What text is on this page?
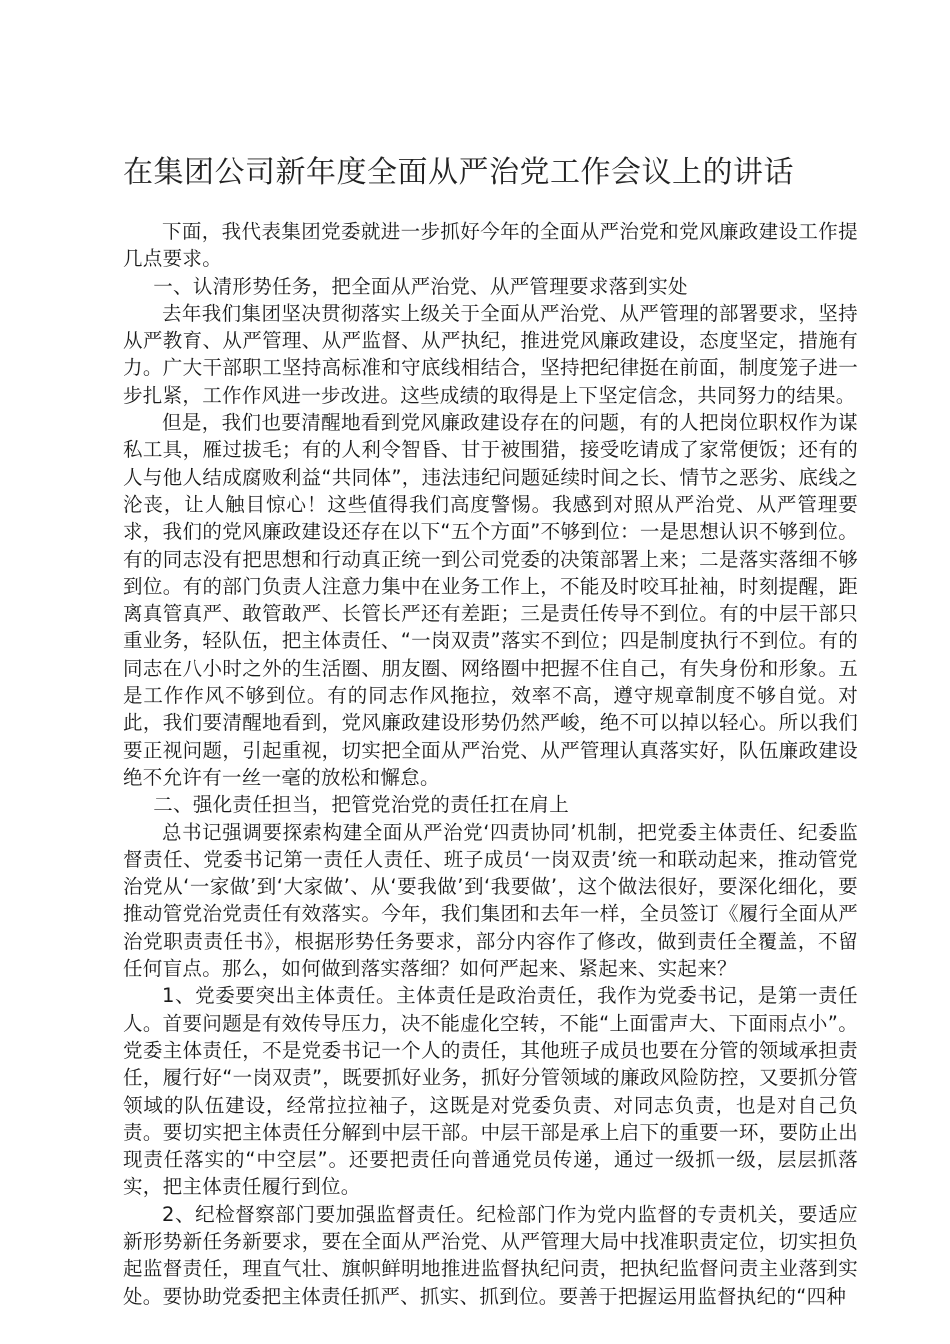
在集团公司新年度全面从严治党工作会议上的讲话

下面，我代表集团党委就进一步抓好今年的全面从严治党和党风廉政建设工作提几点要求。

一、认清形势任务，把全面从严治党、从严管理要求落到实处

去年我们集团坚决贯彻落实上级关于全面从严治党、从严管理的部署要求，坚持从严教育、从严管理、从严监督、从严执纪，推进党风廉政建设，态度坚定，措施有力。广大干部职工坚持高标准和守底线相结合，坚持把纪律挺在前面，制度笼子进一步扎紧，工作作风进一步改进。这些成绩的取得是上下坚定信念，共同努力的结果。

但是，我们也要清醒地看到党风廉政建设存在的问题，有的人把岗位职权作为谋私工具，雁过拔毛；有的人利令智昏、甘于被围猎，接受吃请成了家常便饭；还有的人与他人结成腐败利益“共同体”，违法违纪问题延续时间之长、情节之恶劣、底线之沦丧，让人触目惊心！这些值得我们高度警惕。我感到对照从严治党、从严管理要求，我们的党风廉政建设还存在以下“五个方面”不够到位：一是思想认识不够到位。有的同志没有把思想和行动真正统一到公司党委的决策部署上来；二是落实落细不够到位。有的部门负责人注意力集中在业务工作上，不能及时咬耳扯袖，时刻提醒，距离真管真严、敢管敢严、长管长严还有差距；三是责任传导不到位。有的中层干部只重业务，轻队伍，把主体责任、“一岗双责”落实不到位；四是制度执行不到位。有的同志在八小时之外的生活圈、朋友圈、网络圈中把握不住自己，有失身份和形象。五是工作作风不够到位。有的同志作风拖拉，效率不高，遵守规章制度不够自觉。对此，我们要清醒地看到，党风廉政建设形势仍然严峻，绝不可以掉以轻心。所以我们要正视问题，引起重视，切实把全面从严治党、从严管理认真落实好，队伍廉政建设绝不允许有一丝一毫的放松和懈怠。

二、强化责任担当，把管党治党的责任扛在肩上

总书记强调要探索构建全面从严治党‘四责协同’机制，把党委主体责任、纪委监督责任、党委书记第一责任人责任、班子成员‘一岗双责’统一和联动起来，推动管党治党从‘一家做’到‘大家做’、从‘要我做’到‘我要做’，这个做法很好，要深化细化，要推动管党治党责任有效落实。今年，我们集团和去年一样，全员签订《履行全面从严治党职责责任书》，根据形势任务要求，部分内容作了修改，做到责任全覆盖，不留任何盲点。那么，如何做到落实落细？如何严起来、紧起来、实起来？

1、党委要突出主体责任。主体责任是政治责任，我作为党委书记，是第一责任人。首要问题是有效传导压力，决不能虚化空转，不能“上面雷声大、下面雨点小”。党委主体责任，不是党委书记一个人的责任，其他班子成员也要在分管的领域承担责任，履行好“一岗双责”，既要抓好业务，抓好分管领域的廉政风险防控，又要抓分管领域的队伍建设，经常拉拉袖子，这既是对党委负责、对同志负责，也是对自己负责。要切实把主体责任分解到中层干部。中层干部是承上启下的重要一环，要防止出现责任落实的“中空层”。还要把责任向普通党员传递，通过一级抓一级，层层抓落实，把主体责任履行到位。

2、纪检督察部门要加强监督责任。纪检部门作为党内监督的专责机关，要适应新形势新任务新要求，要在全面从严治党、从严管理大局中找准职责定位，切实担负起监督责任，理直气壮、旗帜鲜明地推进监督执纪问责，把执纪监督问责主业落到实处。要协助党委把主体责任抓严、抓实、抓到位。要善于把握运用监督执纪的“四种
